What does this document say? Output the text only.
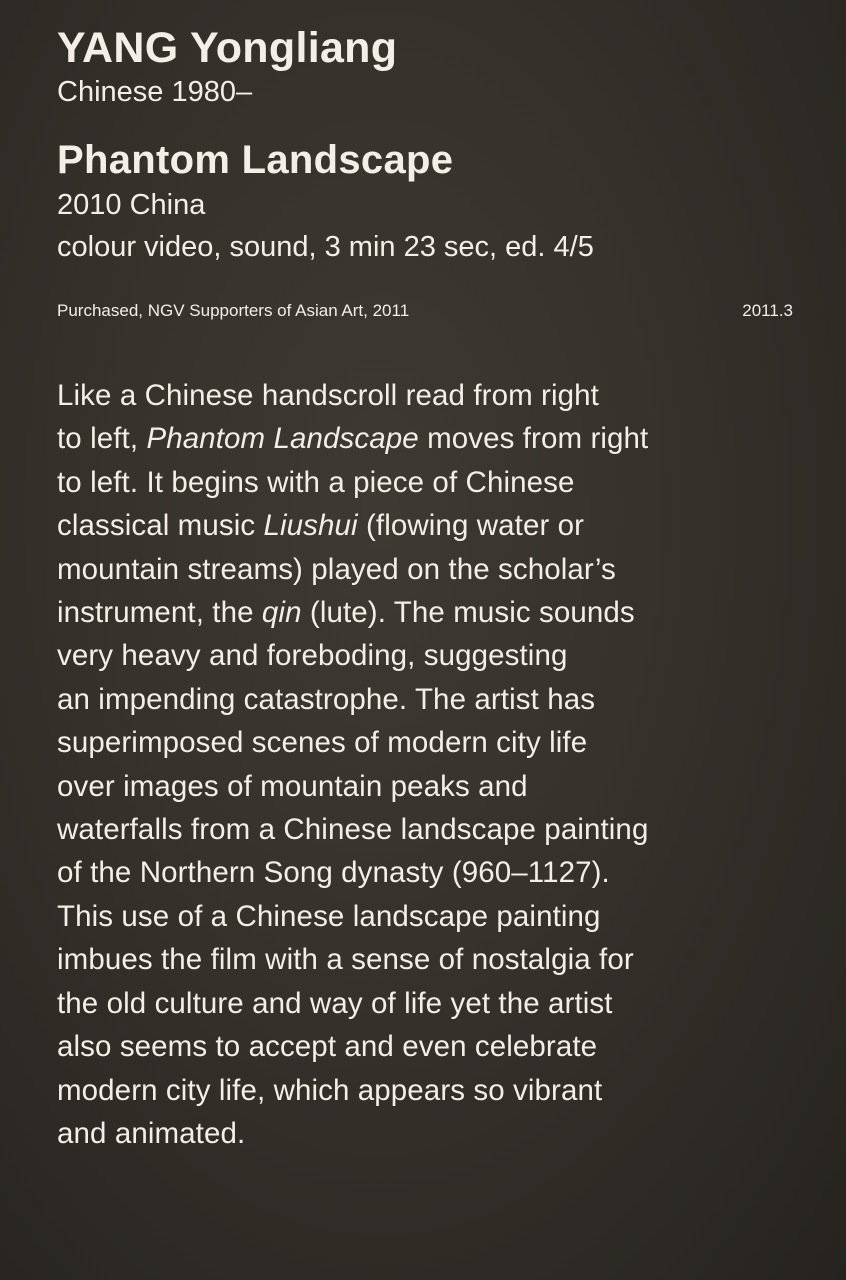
YANG Yongliang

Chinese 1980–

Phantom Landscape

2010 China

colour video, sound, 3 min 23 sec, ed. 4/5

Purchased, NGV Supporters of Asian Art, 2011	2011.3
Like a Chinese handscroll read from right
to left, Phantom Landscape moves from right
to left. It begins with a piece of Chinese
classical music Liushui (flowing water or
mountain streams) played on the scholar’s
instrument, the qin (lute). The music sounds
very heavy and foreboding, suggesting
an impending catastrophe. The artist has
superimposed scenes of modern city life
over images of mountain peaks and
waterfalls from a Chinese landscape painting
of the Northern Song dynasty (960–1127).
This use of a Chinese landscape painting
imbues the film with a sense of nostalgia for
the old culture and way of life yet the artist
also seems to accept and even celebrate
modern city life, which appears so vibrant
and animated.
